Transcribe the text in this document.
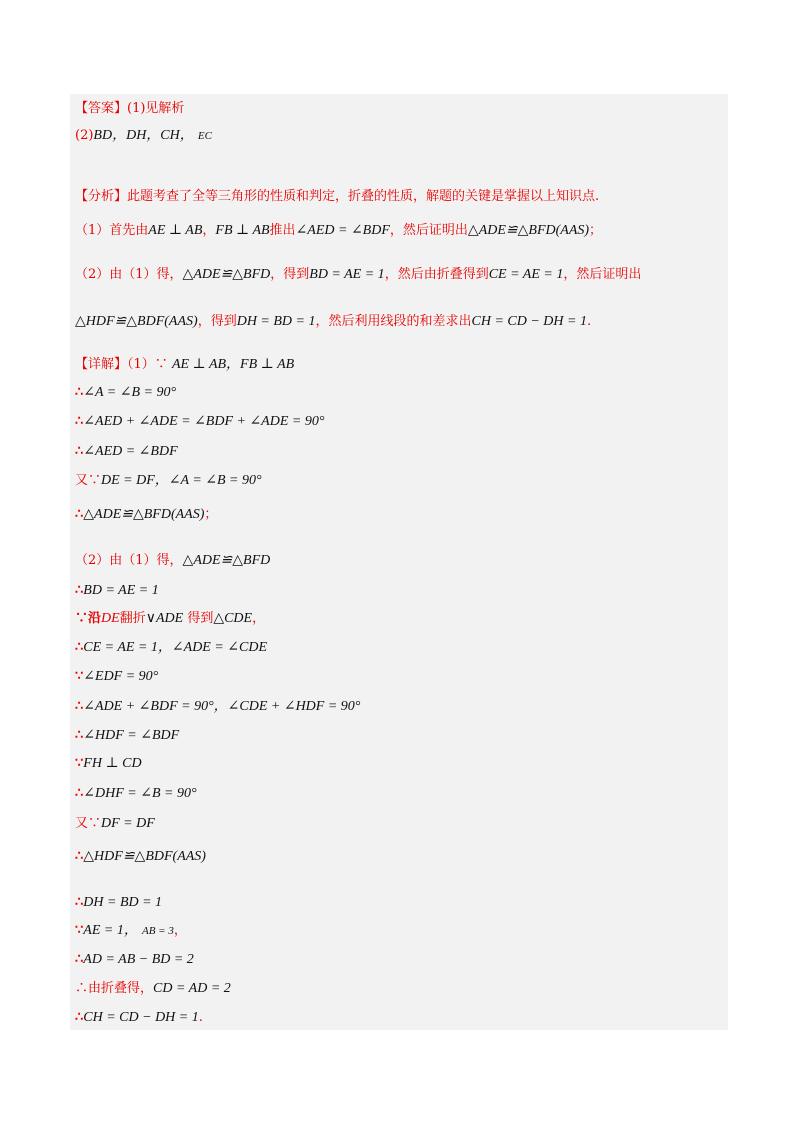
【答案】(1)见解析
(2)BD，DH，CH， EC
【分析】此题考查了全等三角形的性质和判定，折叠的性质，解题的关键是掌握以上知识点.
（1）首先由AE ⊥ AB，FB ⊥ AB推出∠AED = ∠BDF，然后证明出△ADE≌△BFD(AAS)；
（2）由（1）得，△ADE≌△BFD，得到BD = AE = 1，然后由折叠得到CE = AE = 1，然后证明出
△HDF≌△BDF(AAS)，得到DH = BD = 1，然后利用线段的和差求出CH = CD − DH = 1.
【详解】（1）∵ AE ⊥ AB，FB ⊥ AB
∴∠A = ∠B = 90°
∴∠AED + ∠ADE = ∠BDF + ∠ADE = 90°
∴∠AED = ∠BDF
又∵DE = DF，∠A = ∠B = 90°
∴△ADE≌△BFD(AAS)；
（2）由（1）得，△ADE≌△BFD
∴BD = AE = 1
∵沿DE翻折∨ADE 得到△CDE，
∴CE = AE = 1，∠ADE = ∠CDE
∵∠EDF = 90°
∴∠ADE + ∠BDF = 90°，∠CDE + ∠HDF = 90°
∴∠HDF = ∠BDF
∵FH ⊥ CD
∴∠DHF = ∠B = 90°
又∵DF = DF
∴△HDF≌△BDF(AAS)
∴DH = BD = 1
∵AE = 1， AB = 3，
∴AD = AB − BD = 2
∴由折叠得，CD = AD = 2
∴CH = CD − DH = 1.
